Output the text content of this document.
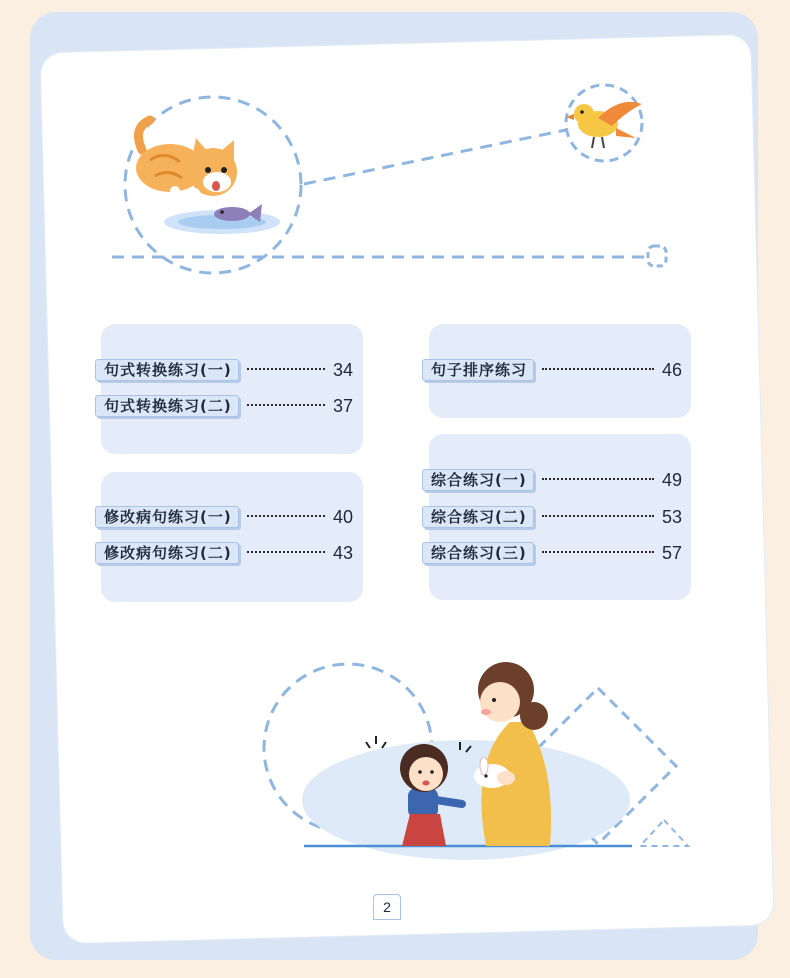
句式转换练习(一)	34
句式转换练习(二)	37
修改病句练习(一)	40
修改病句练习(二)	43
句子排序练习	46
综合练习(一)	49
综合练习(二)	53
综合练习(三)	57
2
